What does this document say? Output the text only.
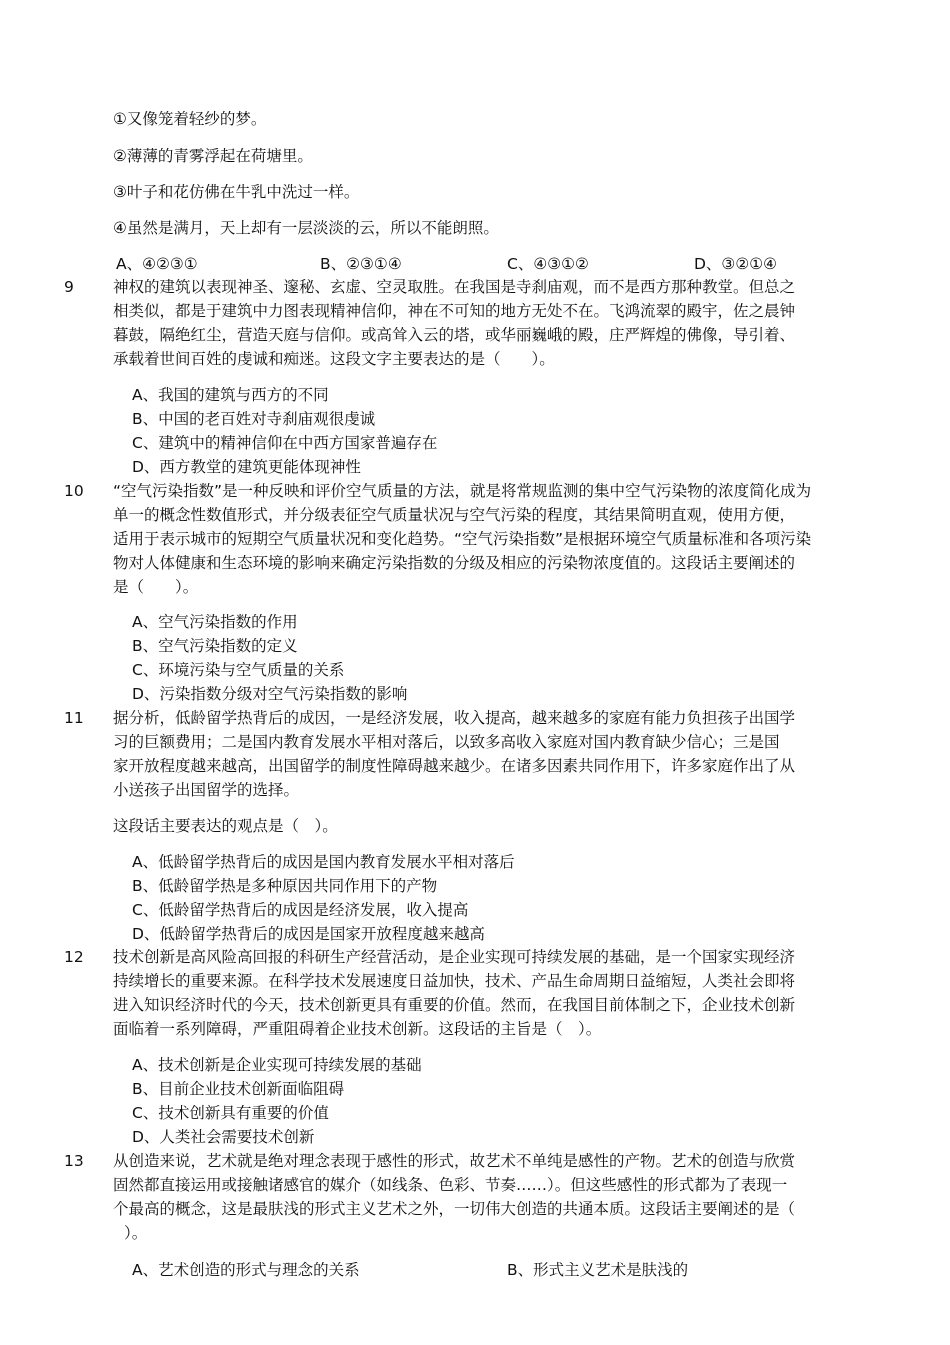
①又像笼着轻纱的梦。
②薄薄的青雾浮起在荷塘里。
③叶子和花仿佛在牛乳中洗过一样。
④虽然是满月，天上却有一层淡淡的云，所以不能朗照。
A、④②③①	B、②③①④	C、④③①②	D、③②①④
9	神权的建筑以表现神圣、邃秘、玄虚、空灵取胜。在我国是寺刹庙观，而不是西方那种教堂。但总之
相类似，都是于建筑中力图表现精神信仰，神在不可知的地方无处不在。飞鸿流翠的殿宇，佐之晨钟
暮鼓，隔绝红尘，营造天庭与信仰。或高耸入云的塔，或华丽巍峨的殿，庄严辉煌的佛像，导引着、
承载着世间百姓的虔诚和痴迷。这段文字主要表达的是（　　）。
A、我国的建筑与西方的不同
B、中国的老百姓对寺刹庙观很虔诚
C、建筑中的精神信仰在中西方国家普遍存在
D、西方教堂的建筑更能体现神性
10 “空气污染指数”是一种反映和评价空气质量的方法，就是将常规监测的集中空气污染物的浓度简化成为
单一的概念性数值形式，并分级表征空气质量状况与空气污染的程度，其结果简明直观，使用方便，
适用于表示城市的短期空气质量状况和变化趋势。“空气污染指数”是根据环境空气质量标准和各项污染
物对人体健康和生态环境的影响来确定污染指数的分级及相应的污染物浓度值的。这段话主要阐述的
是（　　）。
A、空气污染指数的作用
B、空气污染指数的定义
C、环境污染与空气质量的关系
D、污染指数分级对空气污染指数的影响
11 据分析，低龄留学热背后的成因，一是经济发展，收入提高，越来越多的家庭有能力负担孩子出国学
习的巨额费用；二是国内教育发展水平相对落后，以致多高收入家庭对国内教育缺少信心；三是国
家开放程度越来越高，出国留学的制度性障碍越来越少。在诸多因素共同作用下，许多家庭作出了从
小送孩子出国留学的选择。
这段话主要表达的观点是（　）。
A、低龄留学热背后的成因是国内教育发展水平相对落后
B、低龄留学热是多种原因共同作用下的产物
C、低龄留学热背后的成因是经济发展，收入提高
D、低龄留学热背后的成因是国家开放程度越来越高
12 技术创新是高风险高回报的科研生产经营活动，是企业实现可持续发展的基础，是一个国家实现经济
持续增长的重要来源。在科学技术发展速度日益加快，技术、产品生命周期日益缩短，人类社会即将
进入知识经济时代的今天，技术创新更具有重要的价值。然而，在我国目前体制之下，企业技术创新
面临着一系列障碍，严重阻碍着企业技术创新。这段话的主旨是（　）。
A、技术创新是企业实现可持续发展的基础
B、目前企业技术创新面临阻碍
C、技术创新具有重要的价值
D、人类社会需要技术创新
13 从创造来说，艺术就是绝对理念表现于感性的形式，故艺术不单纯是感性的产物。艺术的创造与欣赏
固然都直接运用或接触诸感官的媒介（如线条、色彩、节奏……）。但这些感性的形式都为了表现一
个最高的概念，这是最肤浅的形式主义艺术之外，一切伟大创造的共通本质。这段话主要阐述的是（
）。
A、艺术创造的形式与理念的关系	B、形式主义艺术是肤浅的
